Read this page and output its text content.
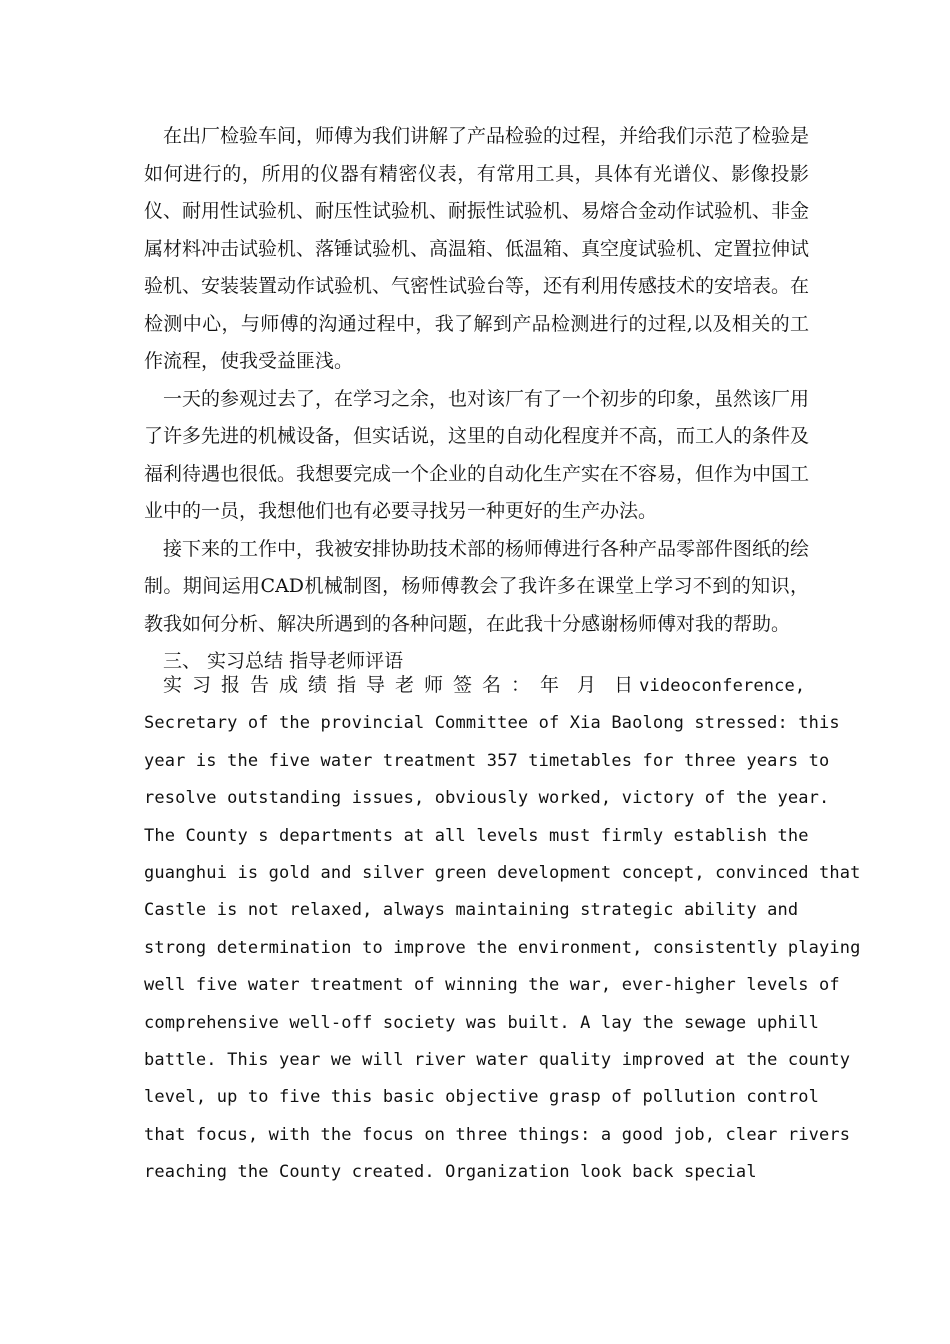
在出厂检验车间，师傅为我们讲解了产品检验的过程，并给我们示范了检验是如何进行的，所用的仪器有精密仪表，有常用工具，具体有光谱仪、影像投影仪、耐用性试验机、耐压性试验机、耐振性试验机、易熔合金动作试验机、非金属材料冲击试验机、落锤试验机、高温箱、低温箱、真空度试验机、定置拉伸试验机、安装装置动作试验机、气密性试验台等，还有利用传感技术的安培表。在检测中心，与师傅的沟通过程中，我了解到产品检测进行的过程,以及相关的工作流程，使我受益匪浅。

一天的参观过去了，在学习之余，也对该厂有了一个初步的印象，虽然该厂用了许多先进的机械设备，但实话说，这里的自动化程度并不高，而工人的条件及福利待遇也很低。我想要完成一个企业的自动化生产实在不容易，但作为中国工业中的一员，我想他们也有必要寻找另一种更好的生产办法。

接下来的工作中，我被安排协助技术部的杨师傅进行各种产品零部件图纸的绘制。期间运用CAD机械制图，杨师傅教会了我许多在课堂上学习不到的知识，教我如何分析、解决所遇到的各种问题，在此我十分感谢杨师傅对我的帮助。

三、 实习总结 指导老师评语

实习报告成绩指导老师签名：年 月 日videoconference,

Secretary of the provincial Committee of Xia Baolong stressed: this
year is the five water treatment 357 timetables for three years to
resolve outstanding issues, obviously worked, victory of the year.
The County s departments at all levels must firmly establish the
guanghui is gold and silver green development concept, convinced that
Castle is not relaxed, always maintaining strategic ability and
strong determination to improve the environment, consistently playing
well five water treatment of winning the war, ever-higher levels of
comprehensive well-off society was built. A lay the sewage uphill
battle. This year we will river water quality improved at the county
level, up to five this basic objective grasp of pollution control
that focus, with the focus on three things: a good job, clear rivers
reaching the County created. Organization look back special
